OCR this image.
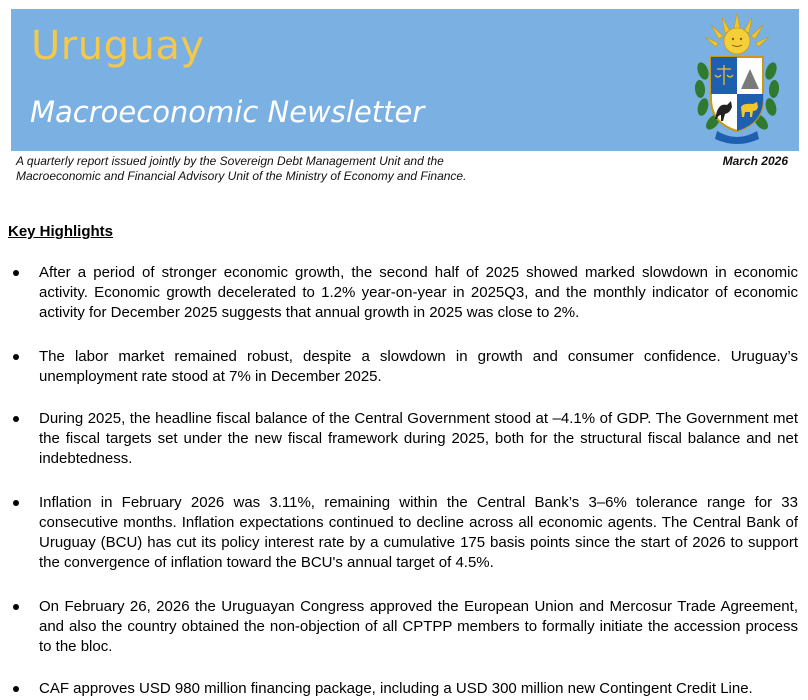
Uruguay
Macroeconomic Newsletter
A quarterly report issued jointly by the Sovereign Debt Management Unit and the
Macroeconomic and Financial Advisory Unit of the Ministry of Economy and Finance.
March 2026
Key Highlights
After a period of stronger economic growth, the second half of 2025 showed marked slowdown in economic activity. Economic growth decelerated to 1.2% year-on-year in 2025Q3, and the monthly indicator of economic activity for December 2025 suggests that annual growth in 2025 was close to 2%.
The labor market remained robust, despite a slowdown in growth and consumer confidence. Uruguay’s unemployment rate stood at 7% in December 2025.
During 2025, the headline fiscal balance of the Central Government stood at –4.1% of GDP. The Government met the fiscal targets set under the new fiscal framework during 2025, both for the structural fiscal balance and net indebtedness.
Inflation in February 2026 was 3.11%, remaining within the Central Bank’s 3–6% tolerance range for 33 consecutive months. Inflation expectations continued to decline across all economic agents. The Central Bank of Uruguay (BCU) has cut its policy interest rate by a cumulative 175 basis points since the start of 2026 to support the convergence of inflation toward the BCU's annual target of 4.5%.
On February 26, 2026 the Uruguayan Congress approved the European Union and Mercosur Trade Agreement, and also the country obtained the non-objection of all CPTPP members to formally initiate the accession process to the bloc.
CAF approves USD 980 million financing package, including a USD 300 million new Contingent Credit Line.
